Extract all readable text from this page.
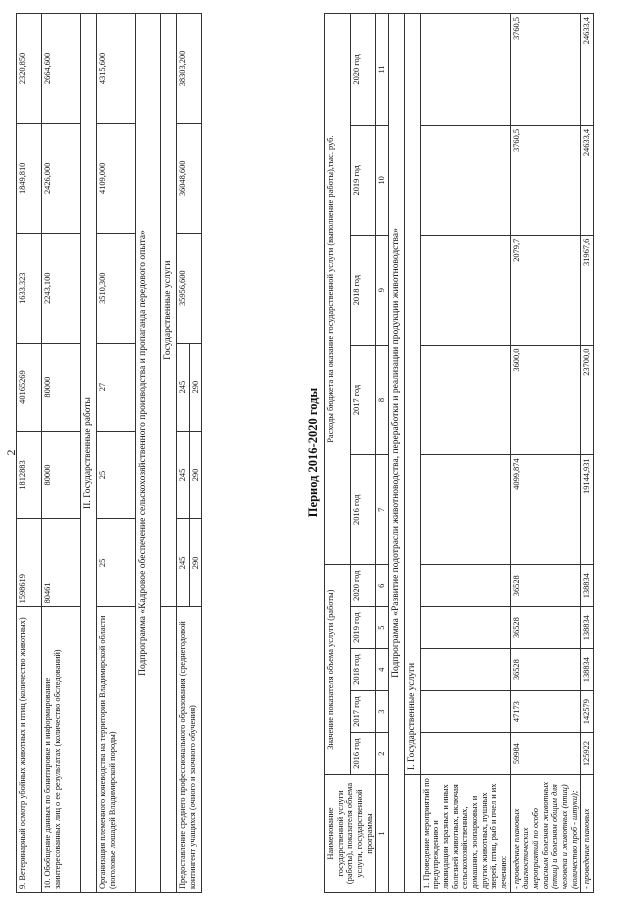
2
9. Ветеринарный осмотр убойных животных и птиц (количество животных)	1598619	1812883	40165269	1633.323	1849,810	2320,850
10. Обобщение данных по бонитировке и информирование заинтересованных лиц о ее результатах (количество обследований)	80461	80000	80000	2243,100	2426,000	2664,600
II. Государственные работы						
Организация племенного коневодства на территории Владимирской области (поголовье лошадей Владимирской породы)	25	25	27	3510,300	4109,000	4315,600
Подпрограмма «Кадровое обеспечение сельскохозяйственного производства и пропаганда передового опыта»						
	Государственные услуги					
Предоставление среднего профессионального образования (среднегодовой контингент учащихся (очного и заочного обучения)	245	245	245	35956,600	36048,600	38303,200
	290	290	290			
Период 2016-2020 годы
Наименование государственной услуги (работы), показателя объема услуги, государственной программы	Значение показателя объема услуги (работы)					Расходы бюджета на оказание государственной услуги (выполнение работы),тыс. руб.				
	2016 год	2017 год	2018 год	2019 год	2020 год	2016 год	2017 год	2018 год	2019 год	2020 год
1	2	3	4	5	6	7	8	9	10	11
Подпрограмма «Развитие подотрасли животноводства, переработки и реализации продукции животноводства»										
	I. Государственные услуги									
1. Проведение мероприятий по предупреждению и ликвидации заразных и иных болезней животных, включая сельскохозяйственных, домашних, зоопарковых и других животных, пушных зверей, птиц, рыб и пчел и их лечению:										
- проведение плановых диагностических мероприятий по особо опасным болезням животных (птиц) и болезням общим для человека и животных (птиц) (количество проб - штуки);	59984	47173	36528	36528	36528	4099,874	3600,0	2079,7	3760,5	3760,5
- проведение плановых	125922	142579	138834	138834	138834	19144,931	23700,0	31967,6	24633,4	24633,4
